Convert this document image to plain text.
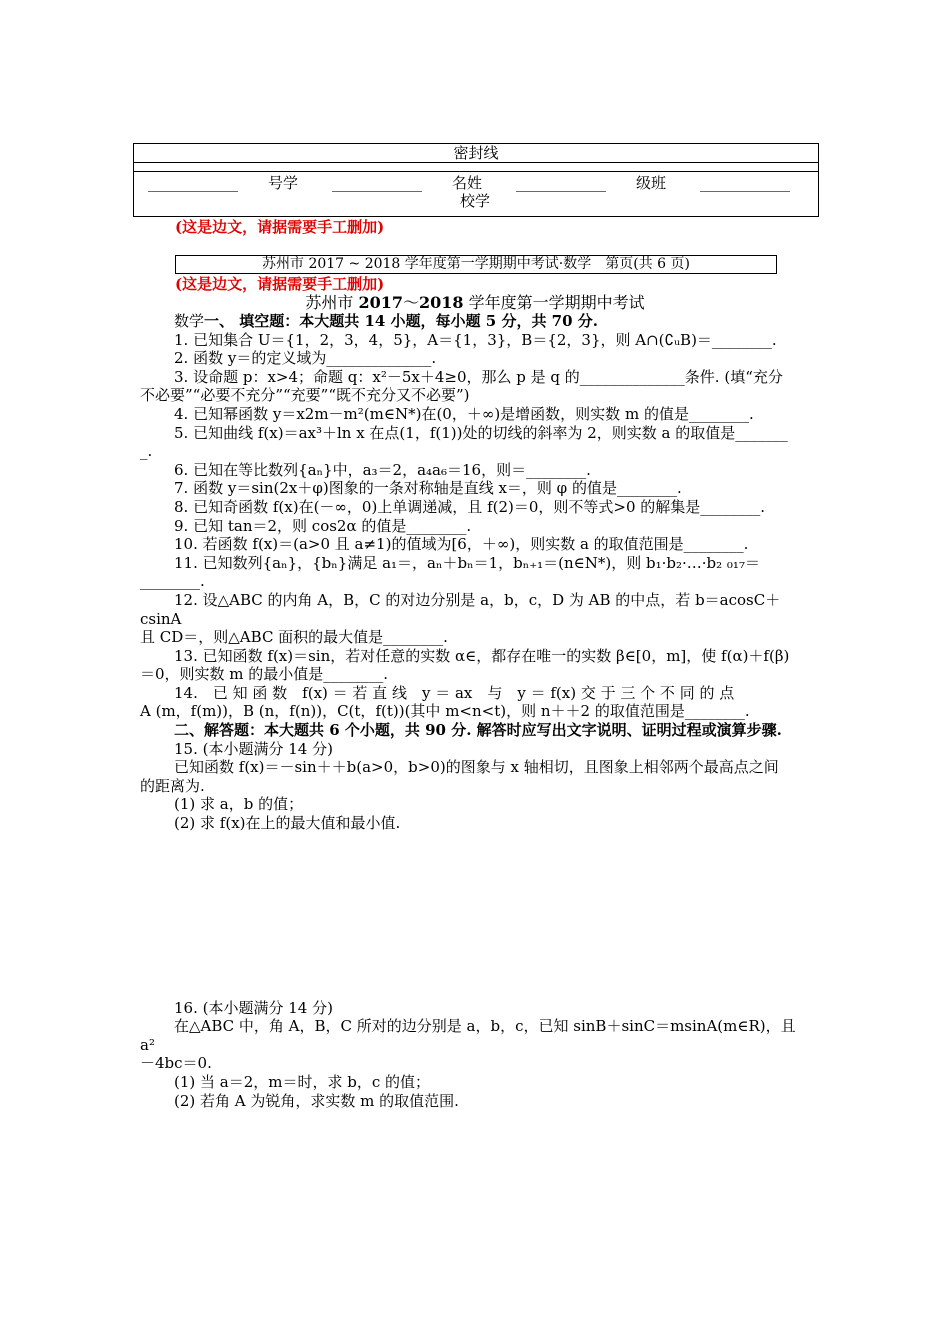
密封线
____________ 号学 ____________ 名姓 ____________ 级班 ____________
校学
(这是边文，请据需要手工删加)
苏州市 2017 ~ 2018 学年度第一学期期中考试·数学　第页(共 6 页)
(这是边文，请据需要手工删加)
苏州市 2017～2018 学年度第一学期期中考试

数学一、 填空题：本大题共 14 小题，每小题 5 分，共 70 分.

1. 已知集合 U＝{1，2，3，4，5}，A＝{1，3}，B＝{2，3}，则 A∩(∁ᵤB)＝________.

2. 函数 y＝的定义域为______________.

3. 设命题 p：x>4；命题 q：x²－5x＋4≥0，那么 p 是 q 的______________条件. (填“充分

不必要”“必要不充分”“充要”“既不充分又不必要”)

4. 已知幂函数 y＝x2m－m²(m∈N*)在(0，＋∞)是增函数，则实数 m 的值是________.

5. 已知曲线 f(x)＝ax³＋ln x 在点(1，f(1))处的切线的斜率为 2，则实数 a 的取值是_______

_.

6. 已知在等比数列{aₙ}中，a₃＝2，a₄a₆＝16，则＝________.

7. 函数 y＝sin(2x＋φ)图象的一条对称轴是直线 x＝，则 φ 的值是________.

8. 已知奇函数 f(x)在(－∞，0)上单调递减，且 f(2)＝0，则不等式>0 的解集是________.

9. 已知 tan＝2，则 cos2α 的值是________.

10. 若函数 f(x)＝(a>0 且 a≠1)的值域为[6，＋∞)，则实数 a 的取值范围是________.

11. 已知数列{aₙ}，{bₙ}满足 a₁＝，aₙ＋bₙ＝1，bₙ₊₁＝(n∈N*)，则 b₁·b₂·…·b₂ ₀₁₇＝________.

12. 设△ABC 的内角 A，B，C 的对边分别是 a，b，c，D 为 AB 的中点，若 b＝acosC＋csinA

且 CD＝，则△ABC 面积的最大值是________.

13. 已知函数 f(x)＝sin，若对任意的实数 α∈，都存在唯一的实数 β∈[0，m]，使 f(α)＋f(β)

＝0，则实数 m 的最小值是________.

14.　已 知 函 数　f(x) ＝ 若 直 线　y ＝ ax　与　y ＝ f(x) 交 于 三 个 不 同 的 点

A (m，f(m))，B (n，f(n))，C(t，f(t))(其中 m<n<t)，则 n＋＋2 的取值范围是________.

二、解答题：本大题共 6 个小题，共 90 分. 解答时应写出文字说明、证明过程或演算步骤.

15. (本小题满分 14 分)

已知函数 f(x)＝－sin＋＋b(a>0，b>0)的图象与 x 轴相切，且图象上相邻两个最高点之间

的距离为.

(1) 求 a，b 的值；

(2) 求 f(x)在上的最大值和最小值.

16. (本小题满分 14 分)

在△ABC 中，角 A，B，C 所对的边分别是 a，b，c，已知 sinB＋sinC＝msinA(m∈R)，且 a²

－4bc＝0.

(1) 当 a＝2，m＝时，求 b，c 的值；

(2) 若角 A 为锐角，求实数 m 的取值范围.
